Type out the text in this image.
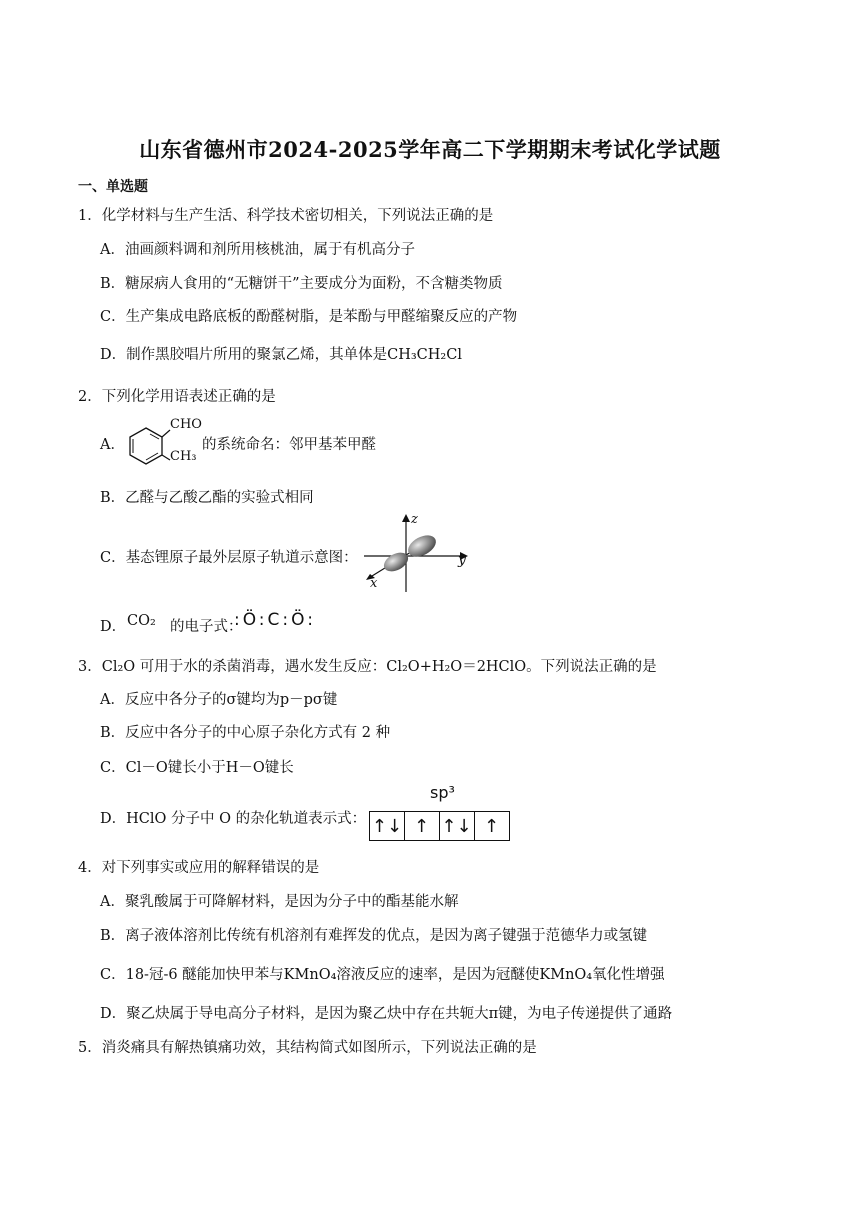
山东省德州市2024-2025学年高二下学期期末考试化学试题
一、单选题
1．化学材料与生产生活、科学技术密切相关，下列说法正确的是
A．油画颜料调和剂所用核桃油，属于有机高分子
B．糖尿病人食用的“无糖饼干”主要成分为面粉，不含糖类物质
C．生产集成电路底板的酚醛树脂，是苯酚与甲醛缩聚反应的产物
D．制作黑胶唱片所用的聚氯乙烯，其单体是CH₃CH₂Cl
2．下列化学用语表述正确的是
A．
CHO
CH₃
的系统命名：邻甲基苯甲醛
B．乙醛与乙酸乙酯的实验式相同
C．基态锂原子最外层原子轨道示意图：
z
y
x
D． CO₂ 的电子式：
:Ö:C:Ö:
3．Cl₂O 可用于水的杀菌消毒，遇水发生反应：Cl₂O+H₂O＝2HClO。下列说法正确的是
A．反应中各分子的σ键均为p－pσ键
B．反应中各分子的中心原子杂化方式有 2 种
C．Cl－O键长小于H－O键长
D．HClO 分子中 O 的杂化轨道表示式：
sp³
↑↓ ↑ ↑↓ ↑
4．对下列事实或应用的解释错误的是
A．聚乳酸属于可降解材料，是因为分子中的酯基能水解
B．离子液体溶剂比传统有机溶剂有难挥发的优点，是因为离子键强于范德华力或氢键
C．18-冠-6 醚能加快甲苯与KMnO₄溶液反应的速率，是因为冠醚使KMnO₄氧化性增强
D．聚乙炔属于导电高分子材料，是因为聚乙炔中存在共轭大π键，为电子传递提供了通路
5．消炎痛具有解热镇痛功效，其结构简式如图所示，下列说法正确的是
